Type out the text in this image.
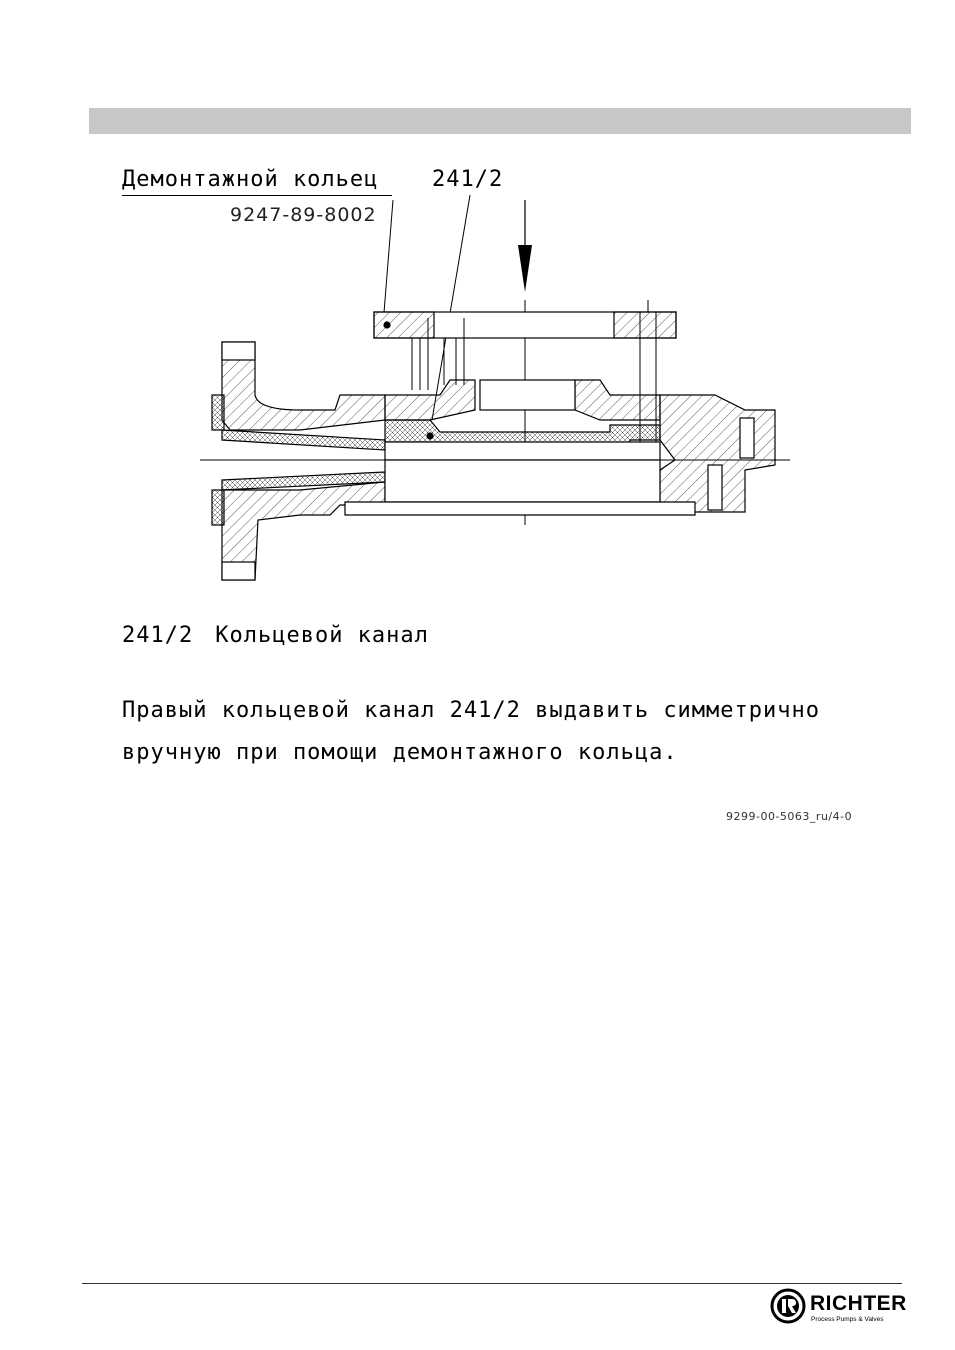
Демонтажной кольец
9247-89-8002
241/2
241/2 Кольцевой канал
Правый кольцевой канал 241/2 выдавить симметрично
вручную при помощи демонтажного кольца.
9299-00-5063_ru/4-0
RICHTER
Process Pumps & Valves
